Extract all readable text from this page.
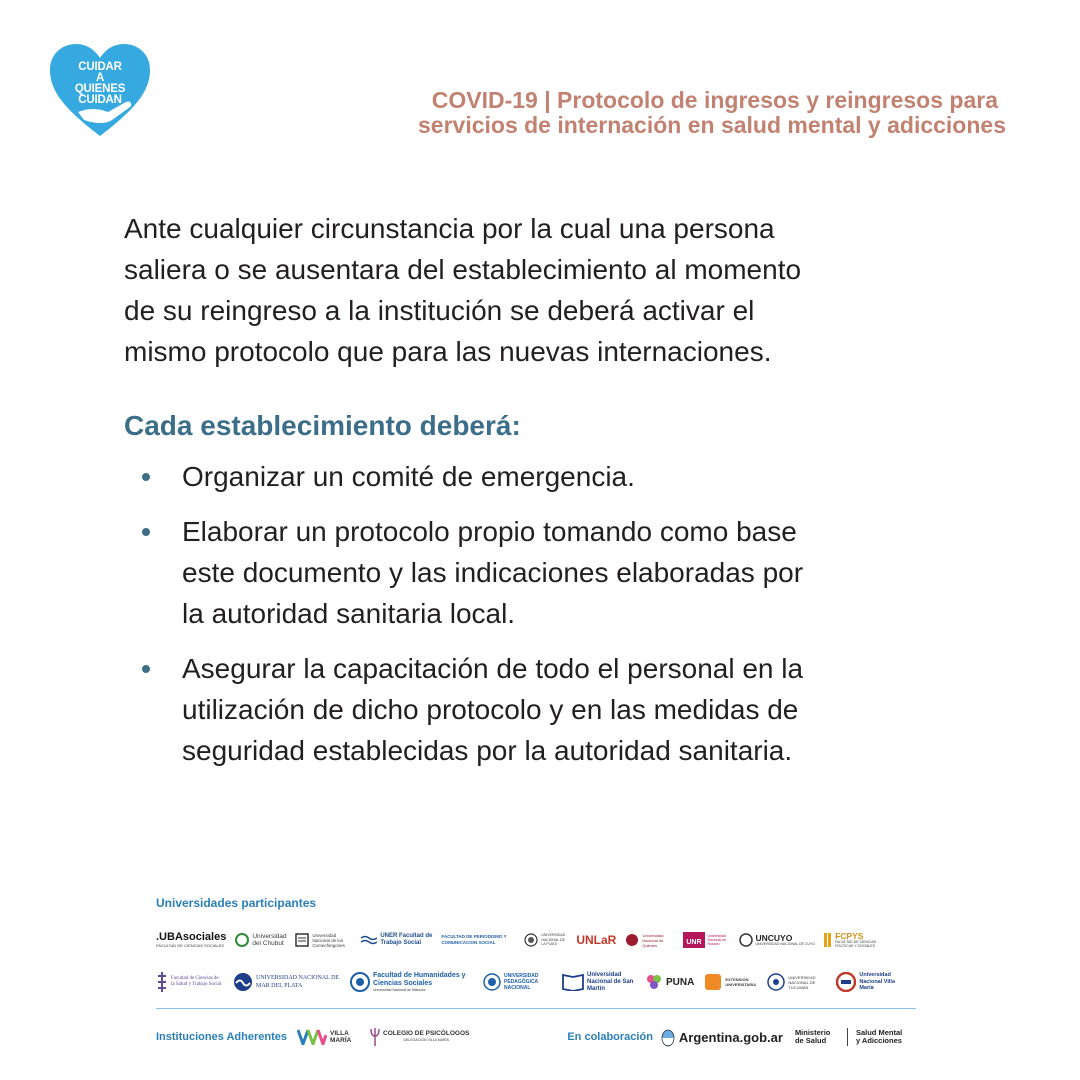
CUIDAR
A QUIENES
CUIDAN	COVID-19 | Protocolo de ingresos y reingresos para
servicios de internación en salud mental y adicciones

Ante cualquier circunstancia por la cual una persona
saliera o se ausentara del establecimiento al momento
de su reingreso a la institución se deberá activar el
mismo protocolo que para las nuevas internaciones.

Cada establecimiento deberá:
Organizar un comité de emergencia.
Elaborar un protocolo propio tomando como base
este documento y las indicaciones elaboradas por
la autoridad sanitaria local.
Asegurar la capacitación de todo el personal en la
utilización de dicho protocolo y en las medidas de
seguridad establecidas por la autoridad sanitaria.

Universidades participantes

.UBAsociales
FACULTAD DE CIENCIAS SOCIALES
Universidad del Chubut
Universidad Nacional de los Comechingones
UNER Facultad de Trabajo Social
FACULTAD DE PERIODISMO Y COMUNICACION SOCIAL
UNIVERSIDAD NACIONAL DE LA PLATA	UNLaR	Universidad Nacional de Quilmes	UNR
Universidad Nacional de Rosario
UNCUYO
UNIVERSIDAD NACIONAL DE CUYO
FCPYS
FACULTAD DE CIENCIAS POLÍTICAS Y SOCIALES
Facultad de Ciencias de la Salud y Trabajo Social
UNIVERSIDAD NACIONAL DE MAR DEL PLATA
Facultad de Humanidades y Ciencias Sociales
Universidad Nacional de Misiones
UNIVERSIDAD PEDAGÓGICA NACIONAL
Universidad Nacional de San Martín
PUNA	EXTENSIÓN UNIVERSITARIA
UNIVERSIDAD NACIONAL DE TUCUMÁN
Universidad Nacional Villa María
Instituciones Adherentes	VILLA MARÍA
COLEGIO DE PSICÓLOGOS
DELEGACIÓN VILLA MARÍA	En colaboración Argentina.gob.ar Ministerio de Salud
Salud Mental y Adicciones
